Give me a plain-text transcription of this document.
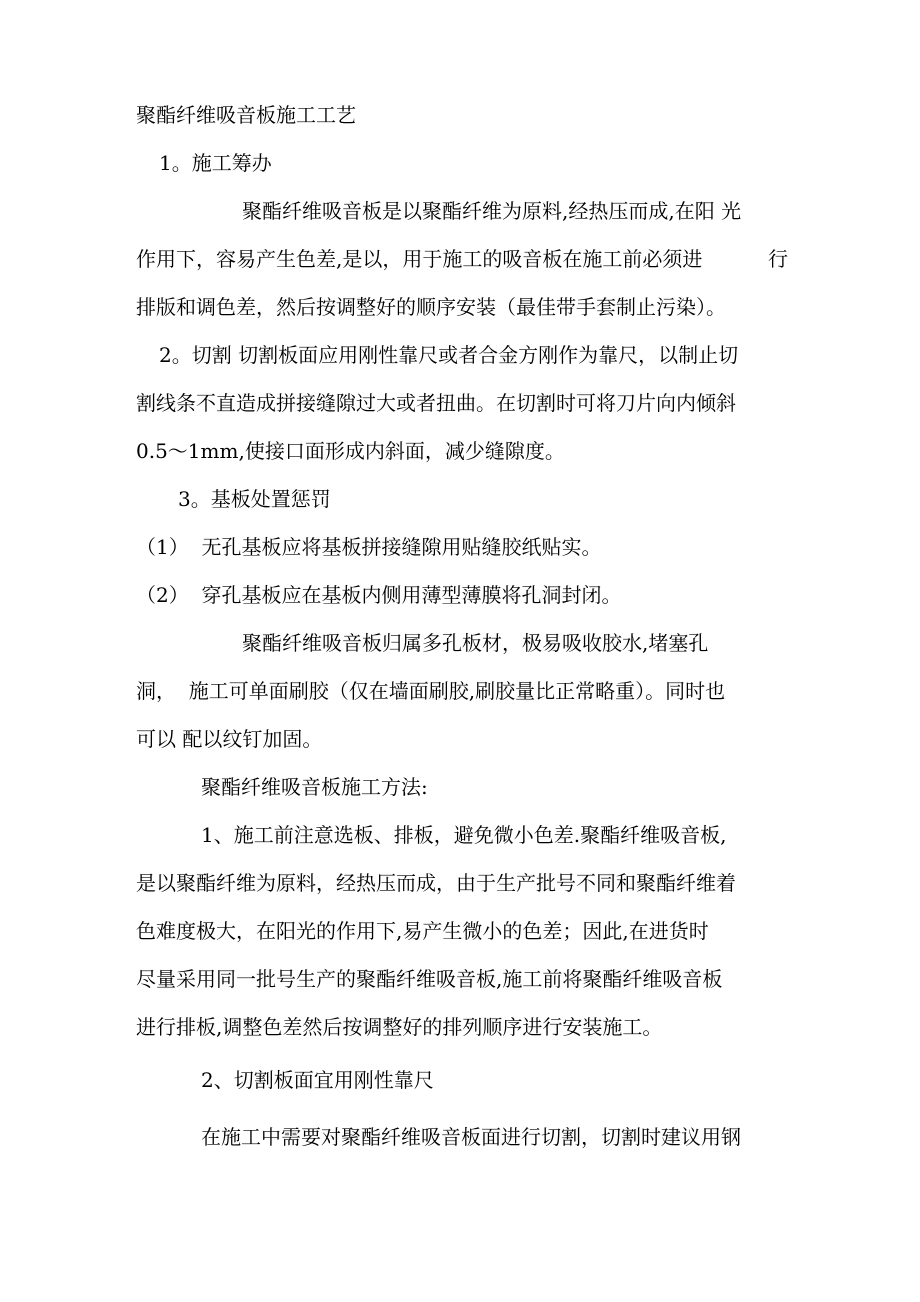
聚酯纤维吸音板施工工艺

1。施工筹办

聚酯纤维吸音板是以聚酯纤维为原料,经热压而成,在阳 光

作用下，容易产生色差,是以，用于施工的吸音板在施工前必须进	行

排版和调色差，然后按调整好的顺序安装（最佳带手套制止污染）。

2。切割 切割板面应用刚性靠尺或者合金方刚作为靠尺，以制止切

割线条不直造成拼接缝隙过大或者扭曲。在切割时可将刀片向内倾斜

0.5～1mm,使接口面形成内斜面，减少缝隙度。

3。基板处置惩罚

（1）  无孔基板应将基板拼接缝隙用贴缝胶纸贴实。

（2）  穿孔基板应在基板内侧用薄型薄膜将孔洞封闭。

聚酯纤维吸音板归属多孔板材，极易吸收胶水,堵塞孔

洞，  施工可单面刷胶（仅在墙面刷胶,刷胶量比正常略重）。同时也

可以 配以纹钉加固。

聚酯纤维吸音板施工方法:

1、施工前注意选板、排板，避免微小色差.聚酯纤维吸音板,

是以聚酯纤维为原料，经热压而成，由于生产批号不同和聚酯纤维着

色难度极大，在阳光的作用下,易产生微小的色差；因此,在进货时

尽量采用同一批号生产的聚酯纤维吸音板,施工前将聚酯纤维吸音板

进行排板,调整色差然后按调整好的排列顺序进行安装施工。

2、切割板面宜用刚性靠尺

在施工中需要对聚酯纤维吸音板面进行切割，切割时建议用钢
